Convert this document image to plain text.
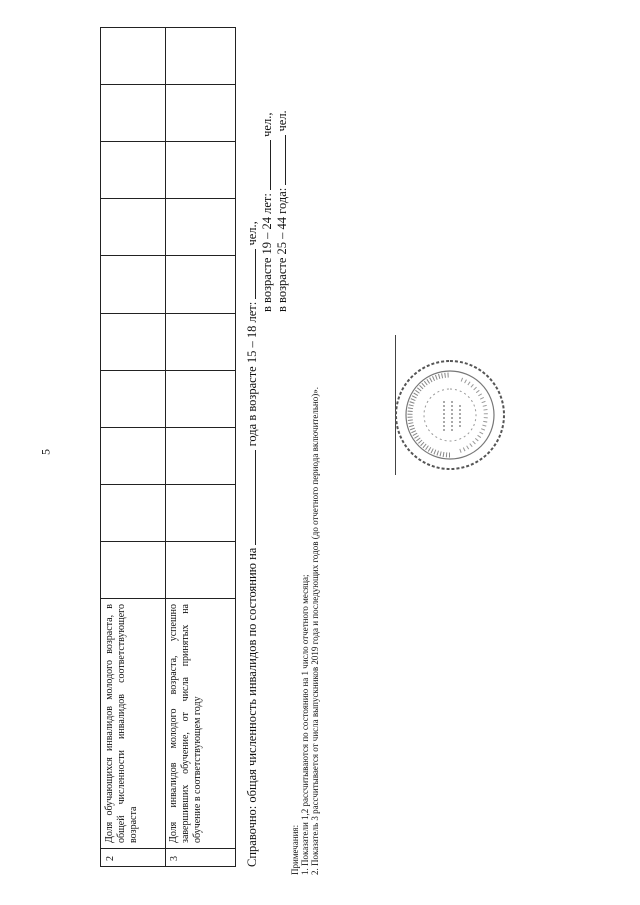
5
2
Доля обучающихся инвалидов молодого возраста, в общей численности инвалидов соответствующего возраста
3
Доля инвалидов молодого возраста, успешно завершивших обучение, от числа принятых на обучение в соответствующем году	Справочно: общая численность инвалидов по состоянию на  года в возрасте 15 – 18 лет:  чел., в возрасте 19 – 24 лет:  чел.,
в возрасте 25 – 44 года:  чел.
Примечания: 1. Показатели 1,2 рассчитываются по состоянию на 1 число отчетного месяца; 2. Показатель 3 рассчитывается от числа выпускников 2019 года и последующих годов (до отчетного периода включительно)».
